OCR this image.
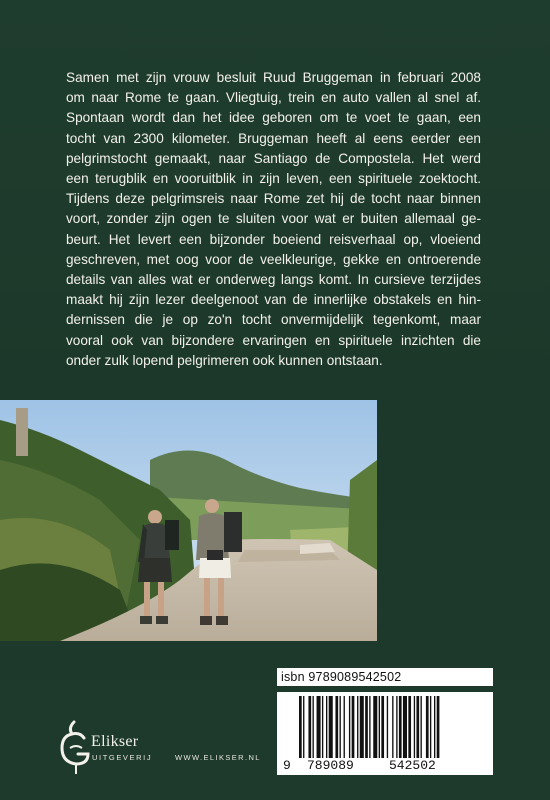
Samen met zijn vrouw besluit Ruud Bruggeman in februari 2008
om naar Rome te gaan. Vliegtuig, trein en auto vallen al snel af.
Spontaan wordt dan het idee geboren om te voet te gaan, een
tocht van 2300 kilometer. Bruggeman heeft al eens eerder een
pelgrimstocht gemaakt, naar Santiago de Compostela. Het werd
een terugblik en vooruitblik in zijn leven, een spirituele zoektocht.
Tijdens deze pelgrimsreis naar Rome zet hij de tocht naar binnen
voort, zonder zijn ogen te sluiten voor wat er buiten allemaal ge-
beurt. Het levert een bijzonder boeiend reisverhaal op, vloeiend
geschreven, met oog voor de veelkleurige, gekke en ontroerende
details van alles wat er onderweg langs komt. In cursieve terzijdes
maakt hij zijn lezer deelgenoot van de innerlijke obstakels en hin-
dernissen die je op zo'n tocht onvermijdelijk tegenkomt, maar
vooral ook van bijzondere ervaringen en spirituele inzichten die
onder zulk lopend pelgrimeren ook kunnen ontstaan.
isbn 9789089542502
9 789089	542502
Elikser
UITGEVERIJ	WWW.ELIKSER.NL
